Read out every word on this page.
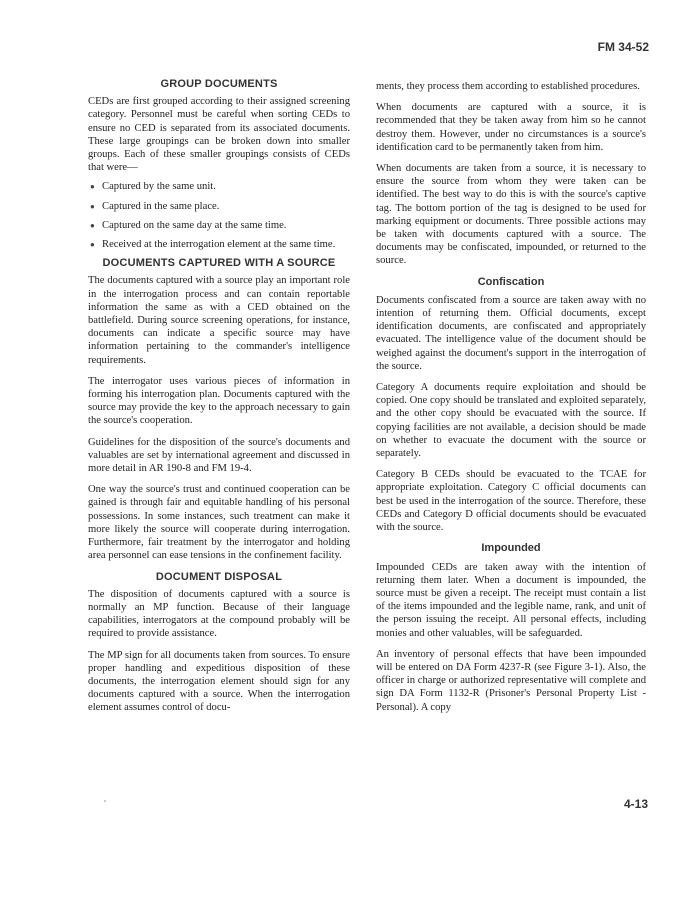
FM 34-52
GROUP DOCUMENTS

CEDs are first grouped according to their assigned screening category. Personnel must be careful when sorting CEDs to ensure no CED is separated from its associated documents. These large groupings can be broken down into smaller groups. Each of these smaller groupings consists of CEDs that were—

● Captured by the same unit.
● Captured in the same place.
● Captured on the same day at the same time.
● Received at the interrogation element at the same time.
DOCUMENTS CAPTURED WITH A SOURCE

The documents captured with a source play an important role in the interrogation process and can contain reportable information the same as with a CED obtained on the battlefield. During source screening operations, for instance, documents can indicate a specific source may have information pertaining to the commander's intelligence requirements.

The interrogator uses various pieces of information in forming his interrogation plan. Documents captured with the source may provide the key to the approach necessary to gain the source's cooperation.

Guidelines for the disposition of the source's documents and valuables are set by international agreement and discussed in more detail in AR 190-8 and FM 19-4.

One way the source's trust and continued cooperation can be gained is through fair and equitable handling of his personal possessions. In some instances, such treatment can make it more likely the source will cooperate during interrogation. Furthermore, fair treatment by the interrogator and holding area personnel can ease tensions in the confinement facility.

DOCUMENT DISPOSAL

The disposition of documents captured with a source is normally an MP function. Because of their language capabilities, interrogators at the compound probably will be required to provide assistance.

The MP sign for all documents taken from sources. To ensure proper handling and expeditious disposition of these documents, the interrogation element should sign for any documents captured with a source. When the interrogation element assumes control of docu-

ments, they process them according to established procedures.

When documents are captured with a source, it is recommended that they be taken away from him so he cannot destroy them. However, under no circumstances is a source's identification card to be permanently taken from him.

When documents are taken from a source, it is necessary to ensure the source from whom they were taken can be identified. The best way to do this is with the source's captive tag. The bottom portion of the tag is designed to be used for marking equipment or documents. Three possible actions may be taken with documents captured with a source. The documents may be confiscated, impounded, or returned to the source.

Confiscation

Documents confiscated from a source are taken away with no intention of returning them. Official documents, except identification documents, are confiscated and appropriately evacuated. The intelligence value of the document should be weighed against the document's support in the interrogation of the source.

Category A documents require exploitation and should be copied. One copy should be translated and exploited separately, and the other copy should be evacuated with the source. If copying facilities are not available, a decision should be made on whether to evacuate the document with the source or separately.

Category B CEDs should be evacuated to the TCAE for appropriate exploitation. Category C official documents can best be used in the interrogation of the source. Therefore, these CEDs and Category D official documents should be evacuated with the source.

Impounded

Impounded CEDs are taken away with the intention of returning them later. When a document is impounded, the source must be given a receipt. The receipt must contain a list of the items impounded and the legible name, rank, and unit of the person issuing the receipt. All personal effects, including monies and other valuables, will be safeguarded.

An inventory of personal effects that have been impounded will be entered on DA Form 4237-R (see Figure 3-1). Also, the officer in charge or authorized representative will complete and sign DA Form 1132-R (Prisoner's Personal Property List - Personal). A copy

4-13
